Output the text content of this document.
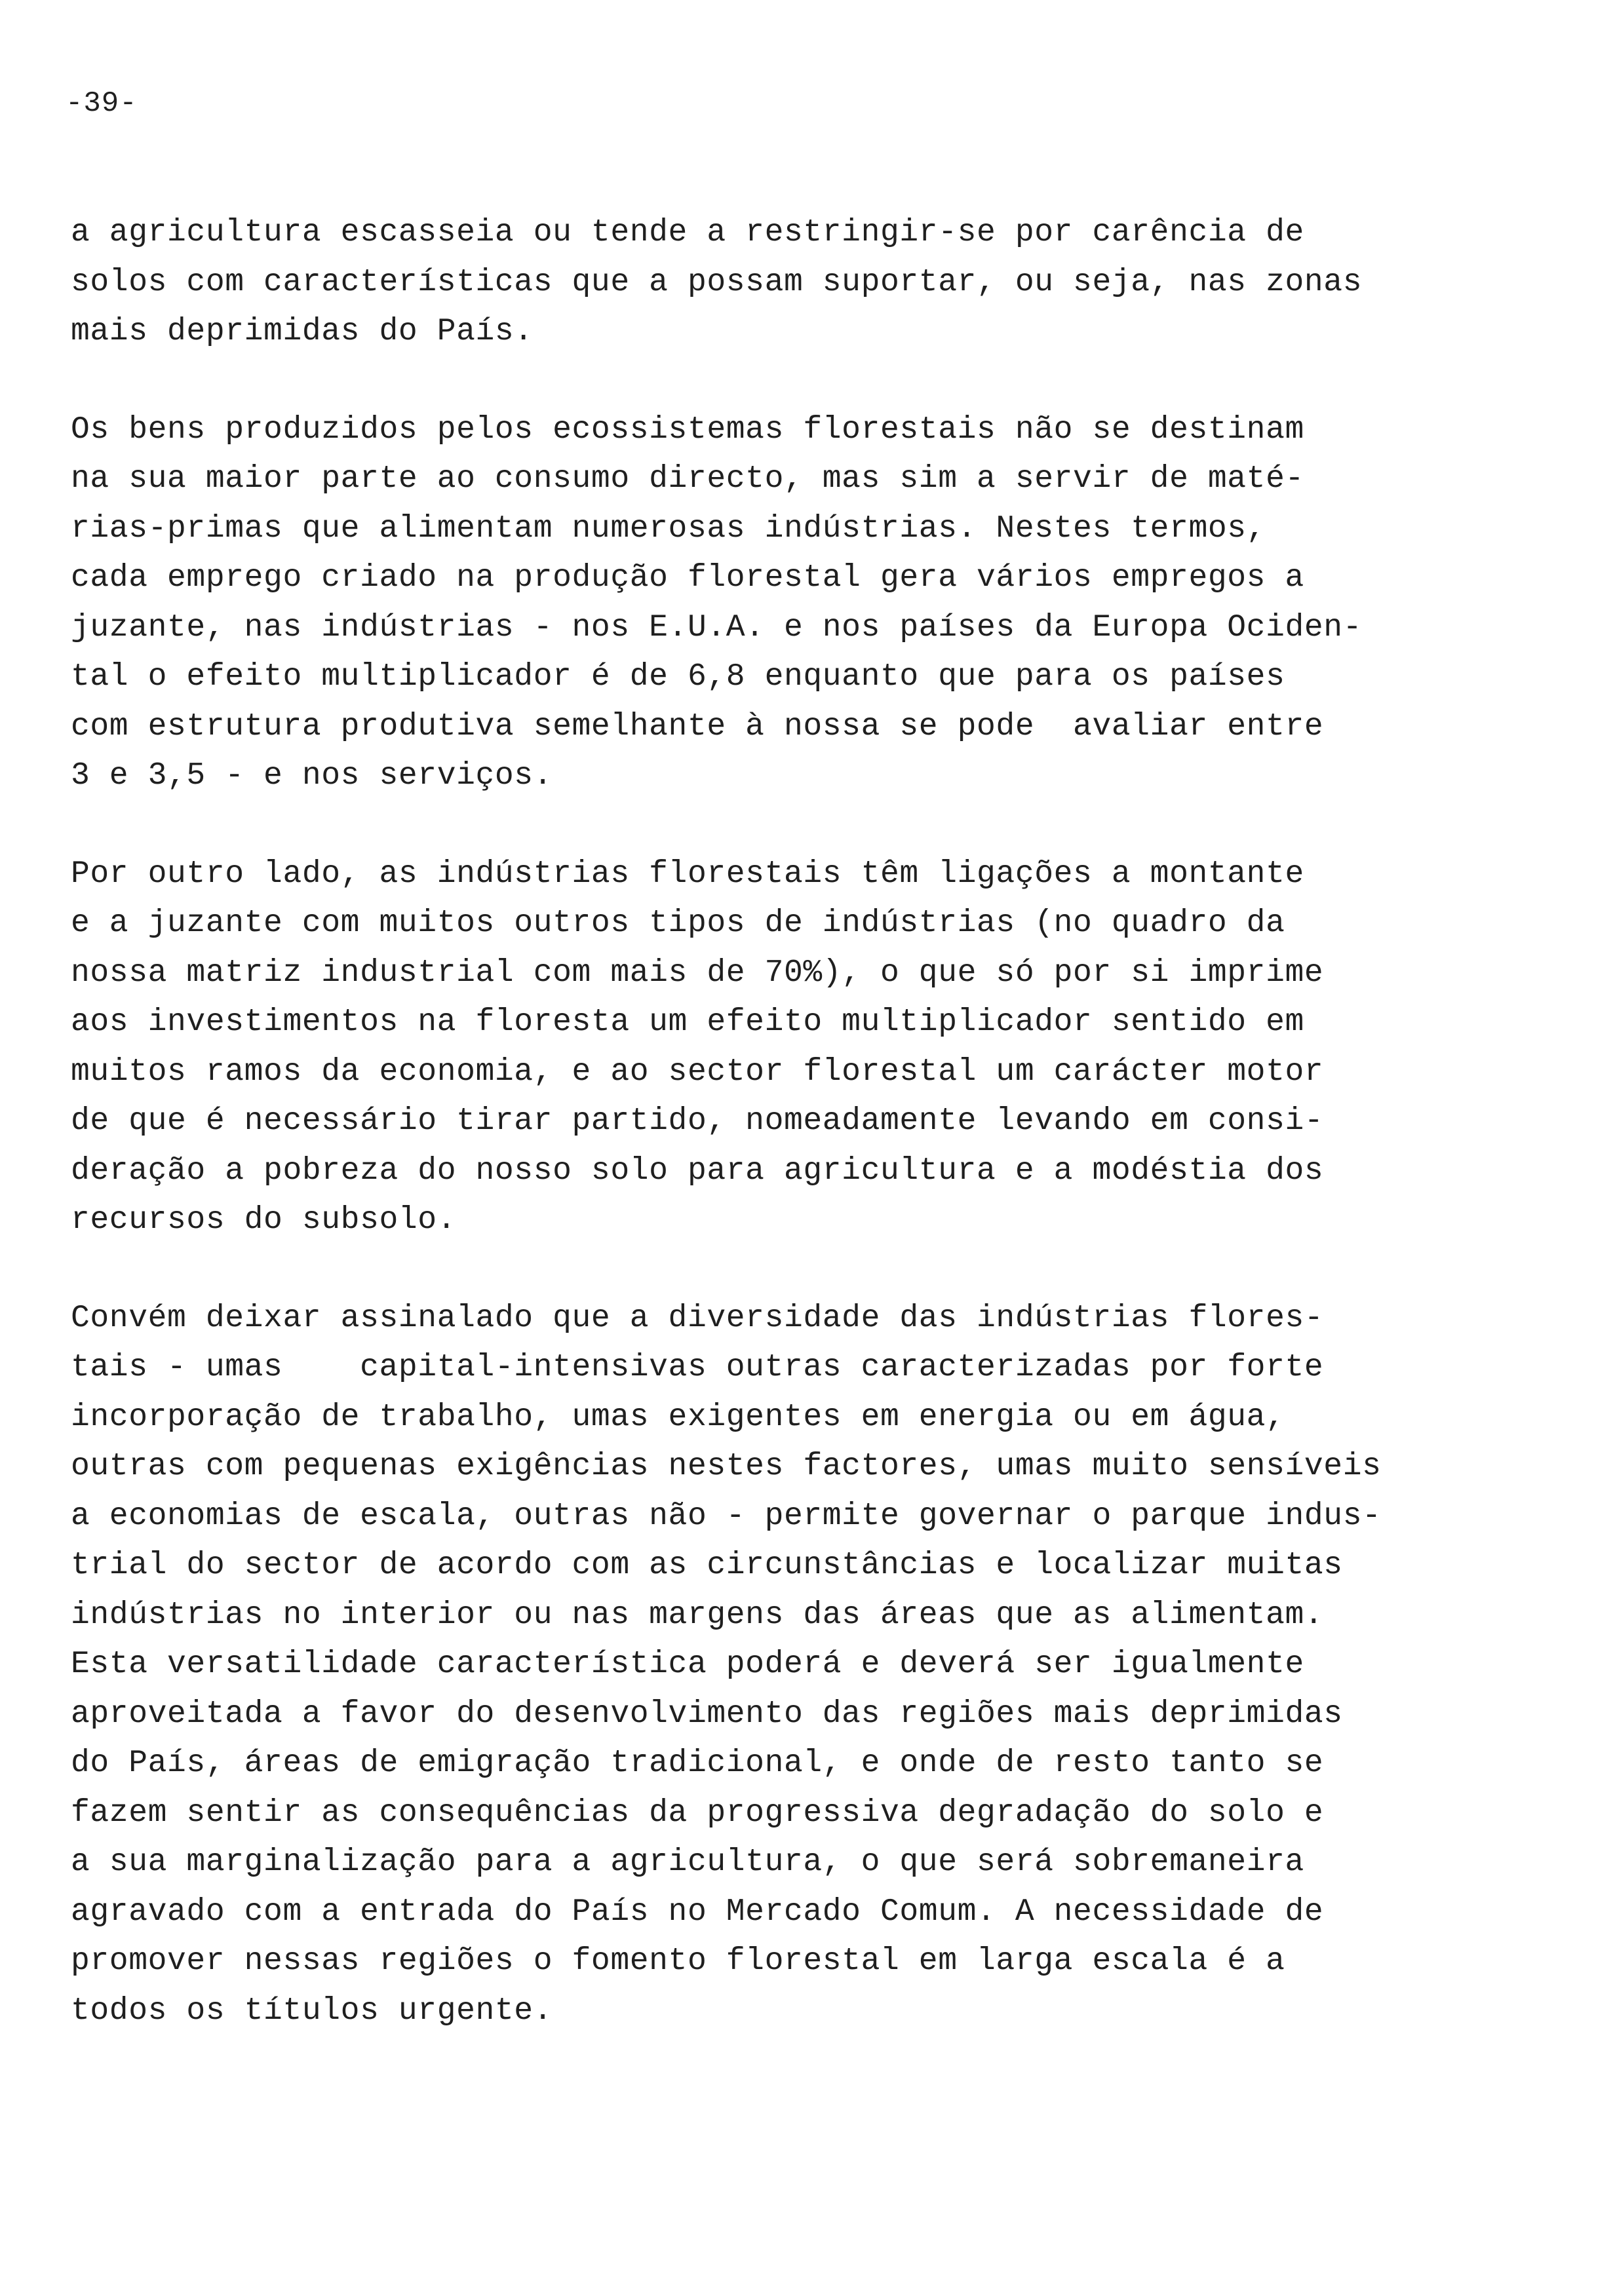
-39-
a agricultura escasseia ou tende a restringir-se por carência de
solos com características que a possam suportar, ou seja, nas zonas
mais deprimidas do País.
Os bens produzidos pelos ecossistemas florestais não se destinam
na sua maior parte ao consumo directo, mas sim a servir de maté-
rias-primas que alimentam numerosas indústrias. Nestes termos,
cada emprego criado na produção florestal gera vários empregos a
juzante, nas indústrias - nos E.U.A. e nos países da Europa Ociden-
tal o efeito multiplicador é de 6,8 enquanto que para os países
com estrutura produtiva semelhante à nossa se pode  avaliar entre
3 e 3,5 - e nos serviços.
Por outro lado, as indústrias florestais têm ligações a montante
e a juzante com muitos outros tipos de indústrias (no quadro da
nossa matriz industrial com mais de 70%), o que só por si imprime
aos investimentos na floresta um efeito multiplicador sentido em
muitos ramos da economia, e ao sector florestal um carácter motor
de que é necessário tirar partido, nomeadamente levando em consi-
deração a pobreza do nosso solo para agricultura e a modéstia dos
recursos do subsolo.
Convém deixar assinalado que a diversidade das indústrias flores-
tais - umas    capital-intensivas outras caracterizadas por forte
incorporação de trabalho, umas exigentes em energia ou em água,
outras com pequenas exigências nestes factores, umas muito sensíveis
a economias de escala, outras não - permite governar o parque indus-
trial do sector de acordo com as circunstâncias e localizar muitas
indústrias no interior ou nas margens das áreas que as alimentam.
Esta versatilidade característica poderá e deverá ser igualmente
aproveitada a favor do desenvolvimento das regiões mais deprimidas
do País, áreas de emigração tradicional, e onde de resto tanto se
fazem sentir as consequências da progressiva degradação do solo e
a sua marginalização para a agricultura, o que será sobremaneira
agravado com a entrada do País no Mercado Comum. A necessidade de
promover nessas regiões o fomento florestal em larga escala é a
todos os títulos urgente.
